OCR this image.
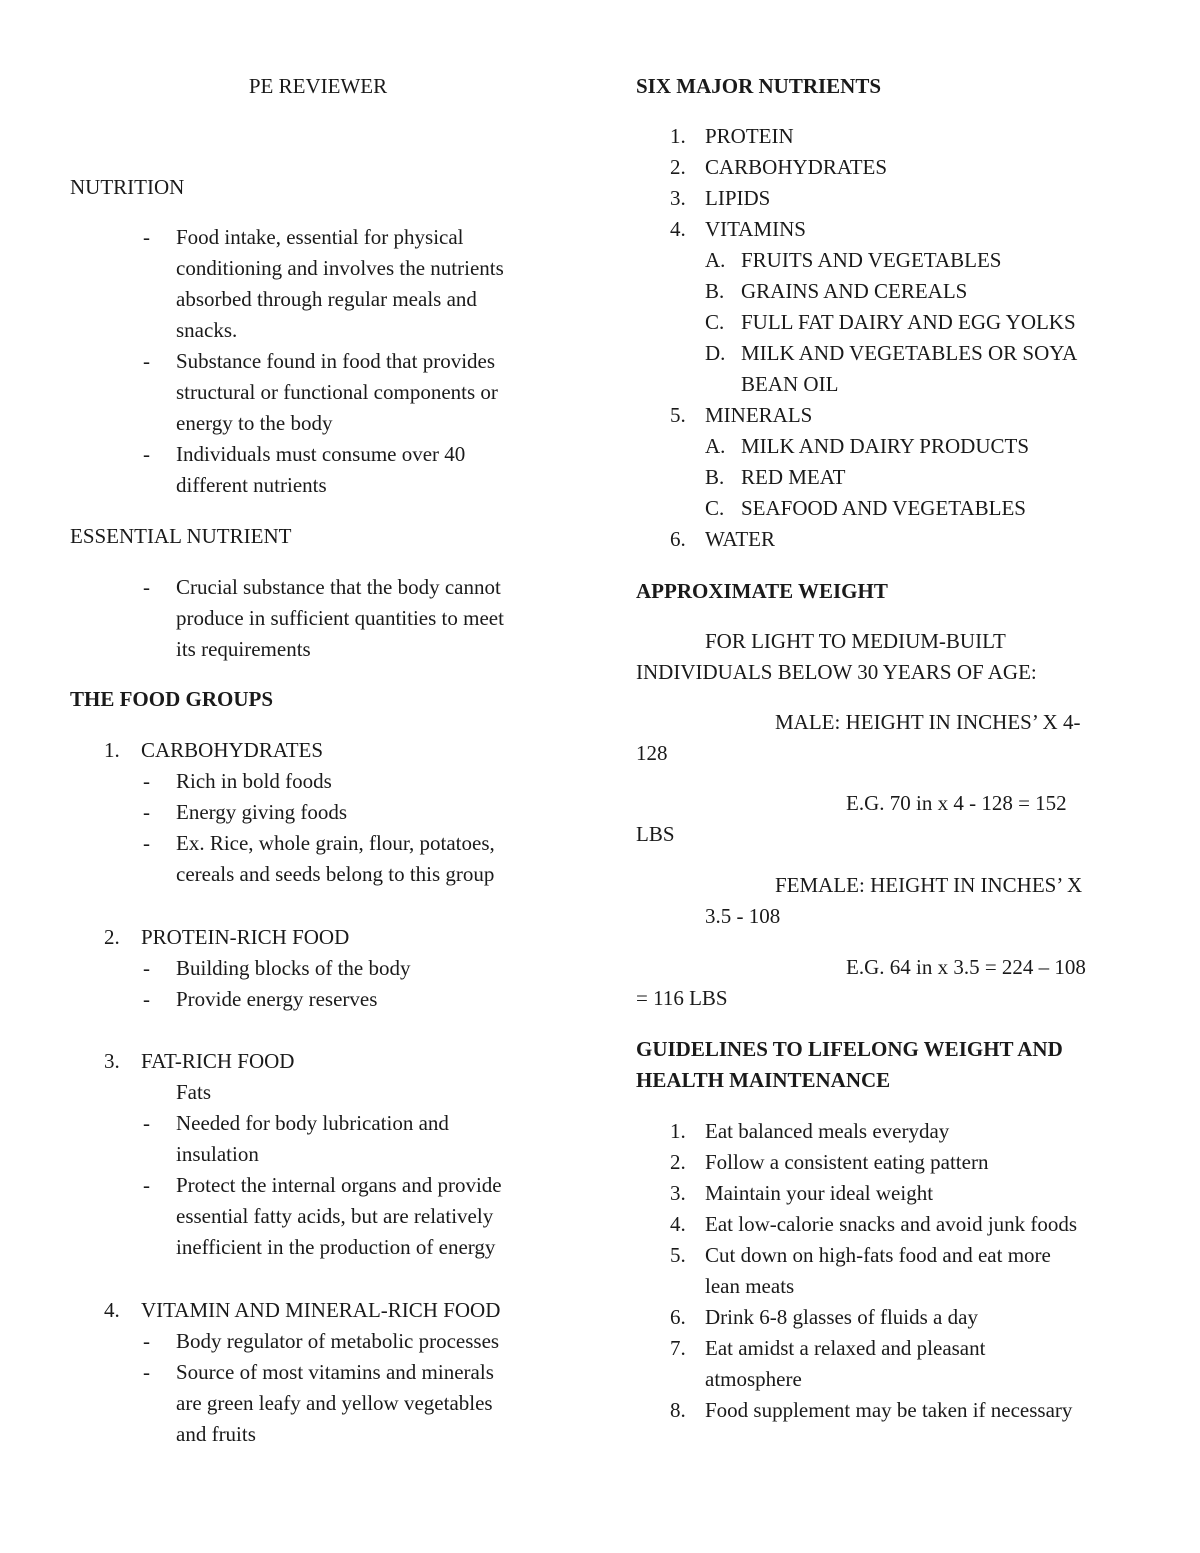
PE REVIEWER
NUTRITION
- Food intake, essential for physical
conditioning and involves the nutrients
absorbed through regular meals and
snacks.
- Substance found in food that provides
structural or functional components or
energy to the body
- Individuals must consume over 40
different nutrients
ESSENTIAL NUTRIENT
- Crucial substance that the body cannot
produce in sufficient quantities to meet
its requirements
THE FOOD GROUPS
1. CARBOHYDRATES
- Rich in bold foods
- Energy giving foods
- Ex. Rice, whole grain, flour, potatoes,
cereals and seeds belong to this group
2. PROTEIN-RICH FOOD
- Building blocks of the body
- Provide energy reserves
3. FAT-RICH FOOD
Fats
- Needed for body lubrication and
insulation
- Protect the internal organs and provide
essential fatty acids, but are relatively
inefficient in the production of energy
4. VITAMIN AND MINERAL-RICH FOOD
- Body regulator of metabolic processes
- Source of most vitamins and minerals
are green leafy and yellow vegetables
and fruits
SIX MAJOR NUTRIENTS
1. PROTEIN
2. CARBOHYDRATES
3. LIPIDS
4. VITAMINS
A. FRUITS AND VEGETABLES
B. GRAINS AND CEREALS
C. FULL FAT DAIRY AND EGG YOLKS
D. MILK AND VEGETABLES OR SOYA
BEAN OIL
5. MINERALS
A. MILK AND DAIRY PRODUCTS
B. RED MEAT
C. SEAFOOD AND VEGETABLES
6. WATER
APPROXIMATE WEIGHT
FOR LIGHT TO MEDIUM-BUILT
INDIVIDUALS BELOW 30 YEARS OF AGE:
MALE: HEIGHT IN INCHES’ X 4-
128
E.G. 70 in x 4 - 128 = 152
LBS
FEMALE: HEIGHT IN INCHES’ X
3.5 - 108
E.G. 64 in x 3.5 = 224 – 108
= 116 LBS
GUIDELINES TO LIFELONG WEIGHT AND
HEALTH MAINTENANCE
1. Eat balanced meals everyday
2. Follow a consistent eating pattern
3. Maintain your ideal weight
4. Eat low-calorie snacks and avoid junk foods
5. Cut down on high-fats food and eat more
lean meats
6. Drink 6-8 glasses of fluids a day
7. Eat amidst a relaxed and pleasant
atmosphere
8. Food supplement may be taken if necessary
